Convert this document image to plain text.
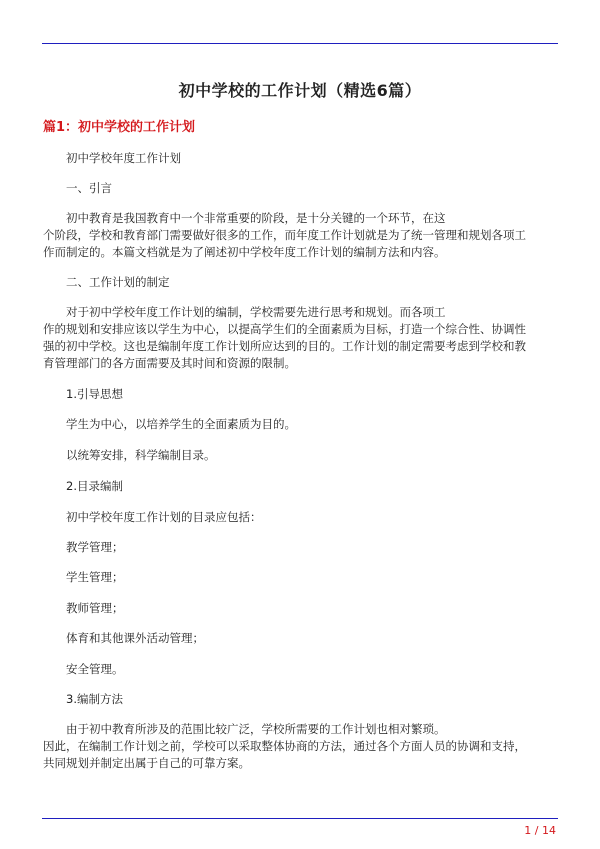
初中学校的工作计划（精选6篇）
篇1：初中学校的工作计划

初中学校年度工作计划

一、引言

初中教育是我国教育中一个非常重要的阶段，是十分关键的一个环节，在这

个阶段，学校和教育部门需要做好很多的工作，而年度工作计划就是为了统一管理和规划各项工

作而制定的。本篇文档就是为了阐述初中学校年度工作计划的编制方法和内容。

二、工作计划的制定

对于初中学校年度工作计划的编制，学校需要先进行思考和规划。而各项工

作的规划和安排应该以学生为中心，以提高学生们的全面素质为目标，打造一个综合性、协调性

强的初中学校。这也是编制年度工作计划所应达到的目的。工作计划的制定需要考虑到学校和教

育管理部门的各方面需要及其时间和资源的限制。

1.引导思想

学生为中心，以培养学生的全面素质为目的。

以统筹安排，科学编制目录。

2.目录编制

初中学校年度工作计划的目录应包括：

教学管理；

学生管理；

教师管理；

体育和其他课外活动管理；

安全管理。

3.编制方法

由于初中教育所涉及的范围比较广泛，学校所需要的工作计划也相对繁琐。

因此，在编制工作计划之前，学校可以采取整体协商的方法，通过各个方面人员的协调和支持，

共同规划并制定出属于自己的可靠方案。

1 / 14
